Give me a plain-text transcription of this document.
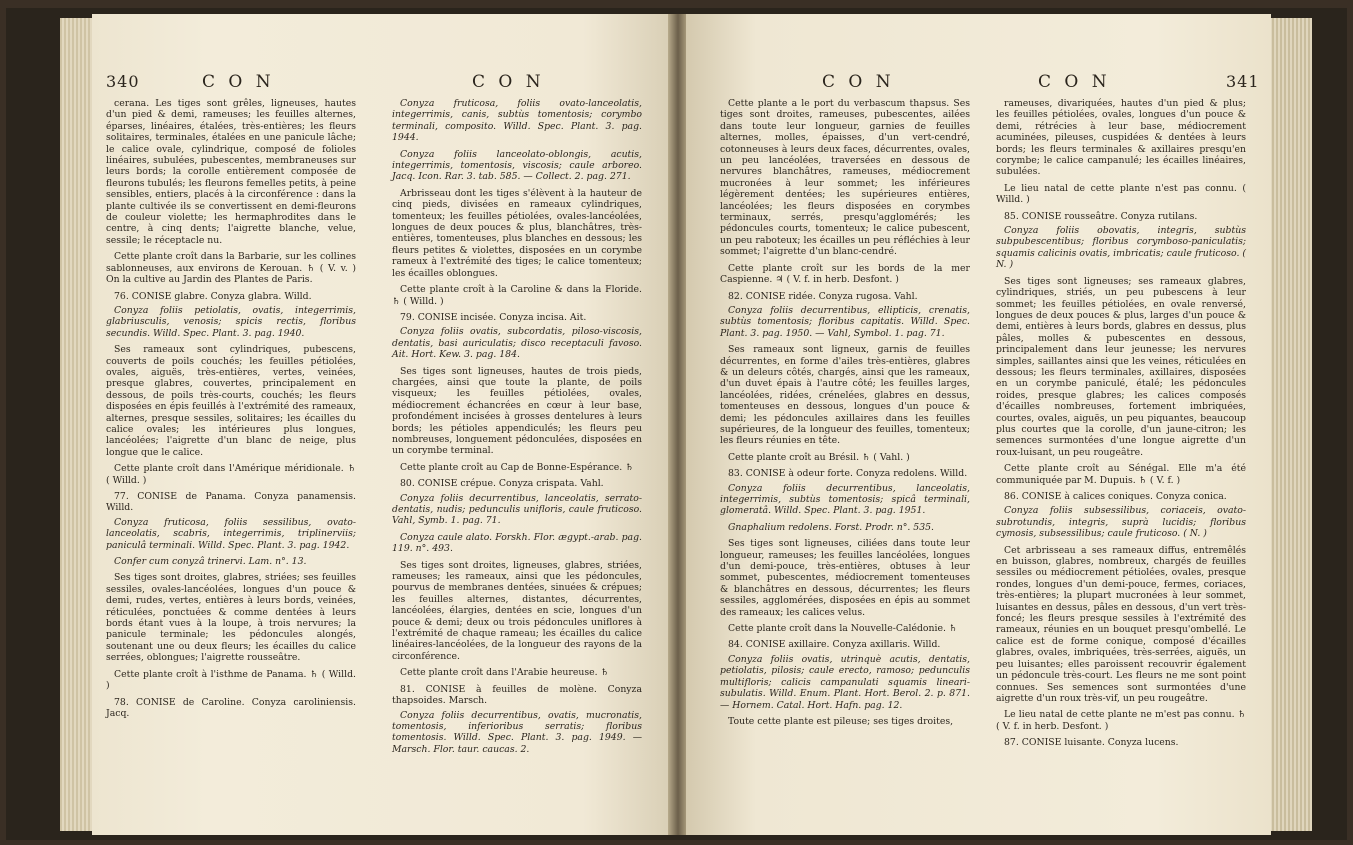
340	C O N	C O N

cerana. Les tiges sont grêles, ligneuses, hautes d'un pied & demi, rameuses; les feuilles alternes, éparses, linéaires, étalées, très-entières; les fleurs solitaires, terminales, étalées en une panicule lâche; le calice ovale, cylindrique, composé de folioles linéaires, subulées, pubescentes, membraneuses sur leurs bords; la corolle entièrement composée de fleurons tubulés; les fleurons femelles petits, à peine sensibles, entiers, placés à la circonférence : dans la plante cultivée ils se convertissent en demi-fleurons de couleur violette; les hermaphrodites dans le centre, à cinq dents; l'aigrette blanche, velue, sessile; le réceptacle nu.

Cette plante croît dans la Barbarie, sur les collines sablonneuses, aux environs de Kerouan. ♄ ( V. v. ) On la cultive au Jardin des Plantes de Paris.

76. CONISE glabre. Conyza glabra. Willd.

Conyza foliis petiolatis, ovatis, integerrimis, glabriusculis, venosis; spicis rectis, floribus secundis. Willd. Spec. Plant. 3. pag. 1940.

Ses rameaux sont cylindriques, pubescens, couverts de poils couchés; les feuilles pétiolées, ovales, aiguës, très-entières, vertes, veinées, presque glabres, couvertes, principalement en dessous, de poils très-courts, couchés; les fleurs disposées en épis feuillés à l'extrémité des rameaux, alternes, presque sessiles, solitaires; les écailles du calice ovales; les intérieures plus longues, lancéolées; l'aigrette d'un blanc de neige, plus longue que le calice.

Cette plante croît dans l'Amérique méridionale. ♄ ( Willd. )

77. CONISE de Panama. Conyza panamensis. Willd.

Conyza fruticosa, foliis sessilibus, ovato-lanceolatis, scabris, integerrimis, triplinerviis; paniculâ terminali. Willd. Spec. Plant. 3. pag. 1942.

Confer cum conyzâ trinervi. Lam. n°. 13.

Ses tiges sont droites, glabres, striées; ses feuilles sessiles, ovales-lancéolées, longues d'un pouce & demi, rudes, vertes, entières à leurs bords, veinées, réticulées, ponctuées & comme dentées à leurs bords étant vues à la loupe, à trois nervures; la panicule terminale; les pédoncules alongés, soutenant une ou deux fleurs; les écailles du calice serrées, oblongues; l'aigrette rousseâtre.

Cette plante croît à l'isthme de Panama. ♄ ( Willd. )

78. CONISE de Caroline. Conyza caroliniensis. Jacq.

Conyza fruticosa, foliis ovato-lanceolatis, integerrimis, canis, subtùs tomentosis; corymbo terminali, composito. Willd. Spec. Plant. 3. pag. 1944.

Conyza foliis lanceolato-oblongis, acutis, integerrimis, tomentosis, viscosis; caule arboreo. Jacq. Icon. Rar. 3. tab. 585. — Collect. 2. pag. 271.

Arbrisseau dont les tiges s'élèvent à la hauteur de cinq pieds, divisées en rameaux cylindriques, tomenteux; les feuilles pétiolées, ovales-lancéolées, longues de deux pouces & plus, blanchâtres, très-entières, tomenteuses, plus blanches en dessous; les fleurs petites & violettes, disposées en un corymbe rameux à l'extrémité des tiges; le calice tomenteux; les écailles oblongues.

Cette plante croît à la Caroline & dans la Floride. ♄ ( Willd. )

79. CONISE incisée. Conyza incisa. Ait.

Conyza foliis ovatis, subcordatis, piloso-viscosis, dentatis, basi auriculatis; disco receptaculi favoso. Ait. Hort. Kew. 3. pag. 184.

Ses tiges sont ligneuses, hautes de trois pieds, chargées, ainsi que toute la plante, de poils visqueux; les feuilles pétiolées, ovales, médiocrement échancrées en cœur à leur base, profondément incisées à grosses dentelures à leurs bords; les pétioles appendiculés; les fleurs peu nombreuses, longuement pédonculées, disposées en un corymbe terminal.

Cette plante croît au Cap de Bonne-Espérance. ♄

80. CONISE crépue. Conyza crispata. Vahl.

Conyza foliis decurrentibus, lanceolatis, serrato-dentatis, nudis; pedunculis unifloris, caule fruticoso. Vahl, Symb. 1. pag. 71.

Conyza caule alato. Forskh. Flor. ægypt.-arab. pag. 119. n°. 493.

Ses tiges sont droites, ligneuses, glabres, striées, rameuses; les rameaux, ainsi que les pédoncules, pourvus de membranes dentées, sinuées & crépues; les feuilles alternes, distantes, décurrentes, lancéolées, élargies, dentées en scie, longues d'un pouce & demi; deux ou trois pédoncules uniflores à l'extrémité de chaque rameau; les écailles du calice linéaires-lancéolées, de la longueur des rayons de la circonférence.

Cette plante croît dans l'Arabie heureuse. ♄

81. CONISE à feuilles de molène. Conyza thapsoides. Marsch.

Conyza foliis decurrentibus, ovatis, mucronatis, tomentosis, inferioribus serratis; floribus tomentosis. Willd. Spec. Plant. 3. pag. 1949. — Marsch. Flor. taur. caucas. 2.

C O N	C O N	341

Cette plante a le port du verbascum thapsus. Ses tiges sont droites, rameuses, pubescentes, ailées dans toute leur longueur, garnies de feuilles alternes, molles, épaisses, d'un vert-cendré, cotonneuses à leurs deux faces, décurrentes, ovales, un peu lancéolées, traversées en dessous de nervures blanchâtres, rameuses, médiocrement mucronées à leur sommet; les inférieures légèrement dentées; les supérieures entières, lancéolées; les fleurs disposées en corymbes terminaux, serrés, presqu'agglomérés; les pédoncules courts, tomenteux; le calice pubescent, un peu raboteux; les écailles un peu réfléchies à leur sommet; l'aigrette d'un blanc-cendré.

Cette plante croît sur les bords de la mer Caspienne. ♃ ( V. f. in herb. Desfont. )

82. CONISE ridée. Conyza rugosa. Vahl.

Conyza foliis decurrentibus, ellipticis, crenatis, subtùs tomentosis; floribus capitatis. Willd. Spec. Plant. 3. pag. 1950. — Vahl, Symbol. 1. pag. 71.

Ses rameaux sont ligneux, garnis de feuilles décurrentes, en forme d'ailes très-entières, glabres & un deleurs côtés, chargés, ainsi que les rameaux, d'un duvet épais à l'autre côté; les feuilles larges, lancéolées, ridées, crénelées, glabres en dessus, tomenteuses en dessous, longues d'un pouce & demi; les pédoncules axillaires dans les feuilles supérieures, de la longueur des feuilles, tomenteux; les fleurs réunies en tête.

Cette plante croît au Brésil. ♄ ( Vahl. )

83. CONISE à odeur forte. Conyza redolens. Willd.

Conyza foliis decurrentibus, lanceolatis, integerrimis, subtùs tomentosis; spicâ terminali, glomeratâ. Willd. Spec. Plant. 3. pag. 1951.

Gnaphalium redolens. Forst. Prodr. n°. 535.

Ses tiges sont ligneuses, ciliées dans toute leur longueur, rameuses; les feuilles lancéolées, longues d'un demi-pouce, très-entières, obtuses à leur sommet, pubescentes, médiocrement tomenteuses & blanchâtres en dessous, décurrentes; les fleurs sessiles, agglomérées, disposées en épis au sommet des rameaux; les calices velus.

Cette plante croît dans la Nouvelle-Calédonie. ♄

84. CONISE axillaire. Conyza axillaris. Willd.

Conyza foliis ovatis, utrinquè acutis, dentatis, petiolatis, pilosis; caule erecto, ramoso; pedunculis multifloris; calicis campanulati squamis lineari-subulatis. Willd. Enum. Plant. Hort. Berol. 2. p. 871. — Hornem. Catal. Hort. Hafn. pag. 12.

Toute cette plante est pileuse; ses tiges droites,

rameuses, divariquées, hautes d'un pied & plus; les feuilles pétiolées, ovales, longues d'un pouce & demi, rétrécies à leur base, médiocrement acuminées, pileuses, cuspidées & dentées à leurs bords; les fleurs terminales & axillaires presqu'en corymbe; le calice campanulé; les écailles linéaires, subulées.

Le lieu natal de cette plante n'est pas connu. ( Willd. )

85. CONISE rousseâtre. Conyza rutilans.

Conyza foliis obovatis, integris, subtùs subpubescentibus; floribus corymboso-paniculatis; squamis calicinis ovatis, imbricatis; caule fruticoso. ( N. )

Ses tiges sont ligneuses; ses rameaux glabres, cylindriques, striés, un peu pubescens à leur sommet; les feuilles pétiolées, en ovale renversé, longues de deux pouces & plus, larges d'un pouce & demi, entières à leurs bords, glabres en dessus, plus pâles, molles & pubescentes en dessous, principalement dans leur jeunesse; les nervures simples, saillantes ainsi que les veines, réticulées en dessous; les fleurs terminales, axillaires, disposées en un corymbe paniculé, étalé; les pédoncules roides, presque glabres; les calices composés d'écailles nombreuses, fortement imbriquées, courtes, ovales, aiguës, un peu piquantes, beaucoup plus courtes que la corolle, d'un jaune-citron; les semences surmontées d'une longue aigrette d'un roux-luisant, un peu rougeâtre.

Cette plante croît au Sénégal. Elle m'a été communiquée par M. Dupuis. ♄ ( V. f. )

86. CONISE à calices coniques. Conyza conica.

Conyza foliis subsessilibus, coriaceis, ovato-subrotundis, integris, suprà lucidis; floribus cymosis, subsessilibus; caule fruticoso. ( N. )

Cet arbrisseau a ses rameaux diffus, entremêlés en buisson, glabres, nombreux, chargés de feuilles sessiles ou médiocrement pétiolées, ovales, presque rondes, longues d'un demi-pouce, fermes, coriaces, très-entières; la plupart mucronées à leur sommet, luisantes en dessus, pâles en dessous, d'un vert très-foncé; les fleurs presque sessiles à l'extrémité des rameaux, réunies en un bouquet presqu'ombellé. Le calice est de forme conique, composé d'écailles glabres, ovales, imbriquées, très-serrées, aiguës, un peu luisantes; elles paroissent recouvrir également un pédoncule très-court. Les fleurs ne me sont point connues. Ses semences sont surmontées d'une aigrette d'un roux très-vif, un peu rougeâtre.

Le lieu natal de cette plante ne m'est pas connu. ♄ ( V. f. in herb. Desfont. )

87. CONISE luisante. Conyza lucens.
